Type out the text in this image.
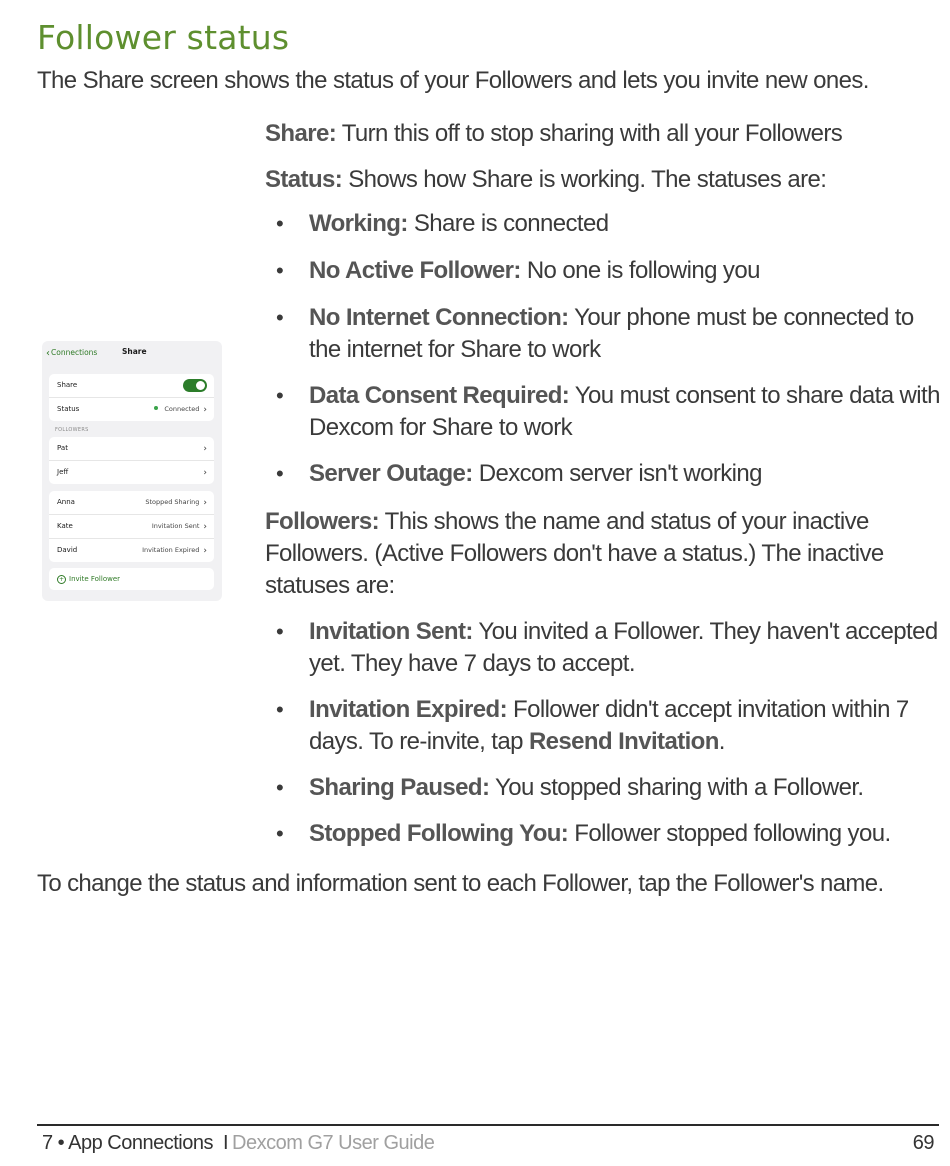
Follower status

The Share screen shows the status of your Followers and lets you invite new ones.

‹Connections	Share
Share
Status	Connected ›
FOLLOWERS
Pat	›
Jeff	›
Anna	Stopped Sharing ›
Kate	Invitation Sent ›
David	Invitation Expired ›
+ Invite Follower

Share: Turn this off to stop sharing with all your Followers

Status: Shows how Share is working. The statuses are:

• Working: Share is connected
• No Active Follower: No one is following you
• No Internet Connection: Your phone must be connected to the internet for Share to work
• Data Consent Required: You must consent to share data with Dexcom for Share to work
• Server Outage: Dexcom server isn't working

Followers: This shows the name and status of your inactive Followers. (Active Followers don't have a status.) The inactive statuses are:

• Invitation Sent: You invited a Follower. They haven't accepted yet. They have 7 days to accept.
• Invitation Expired: Follower didn't accept invitation within 7 days. To re-invite, tap Resend Invitation.
• Sharing Paused: You stopped sharing with a Follower.
• Stopped Following You: Follower stopped following you.

To change the status and information sent to each Follower, tap the Follower's name.

7 • App Connections I Dexcom G7 User Guide	69
